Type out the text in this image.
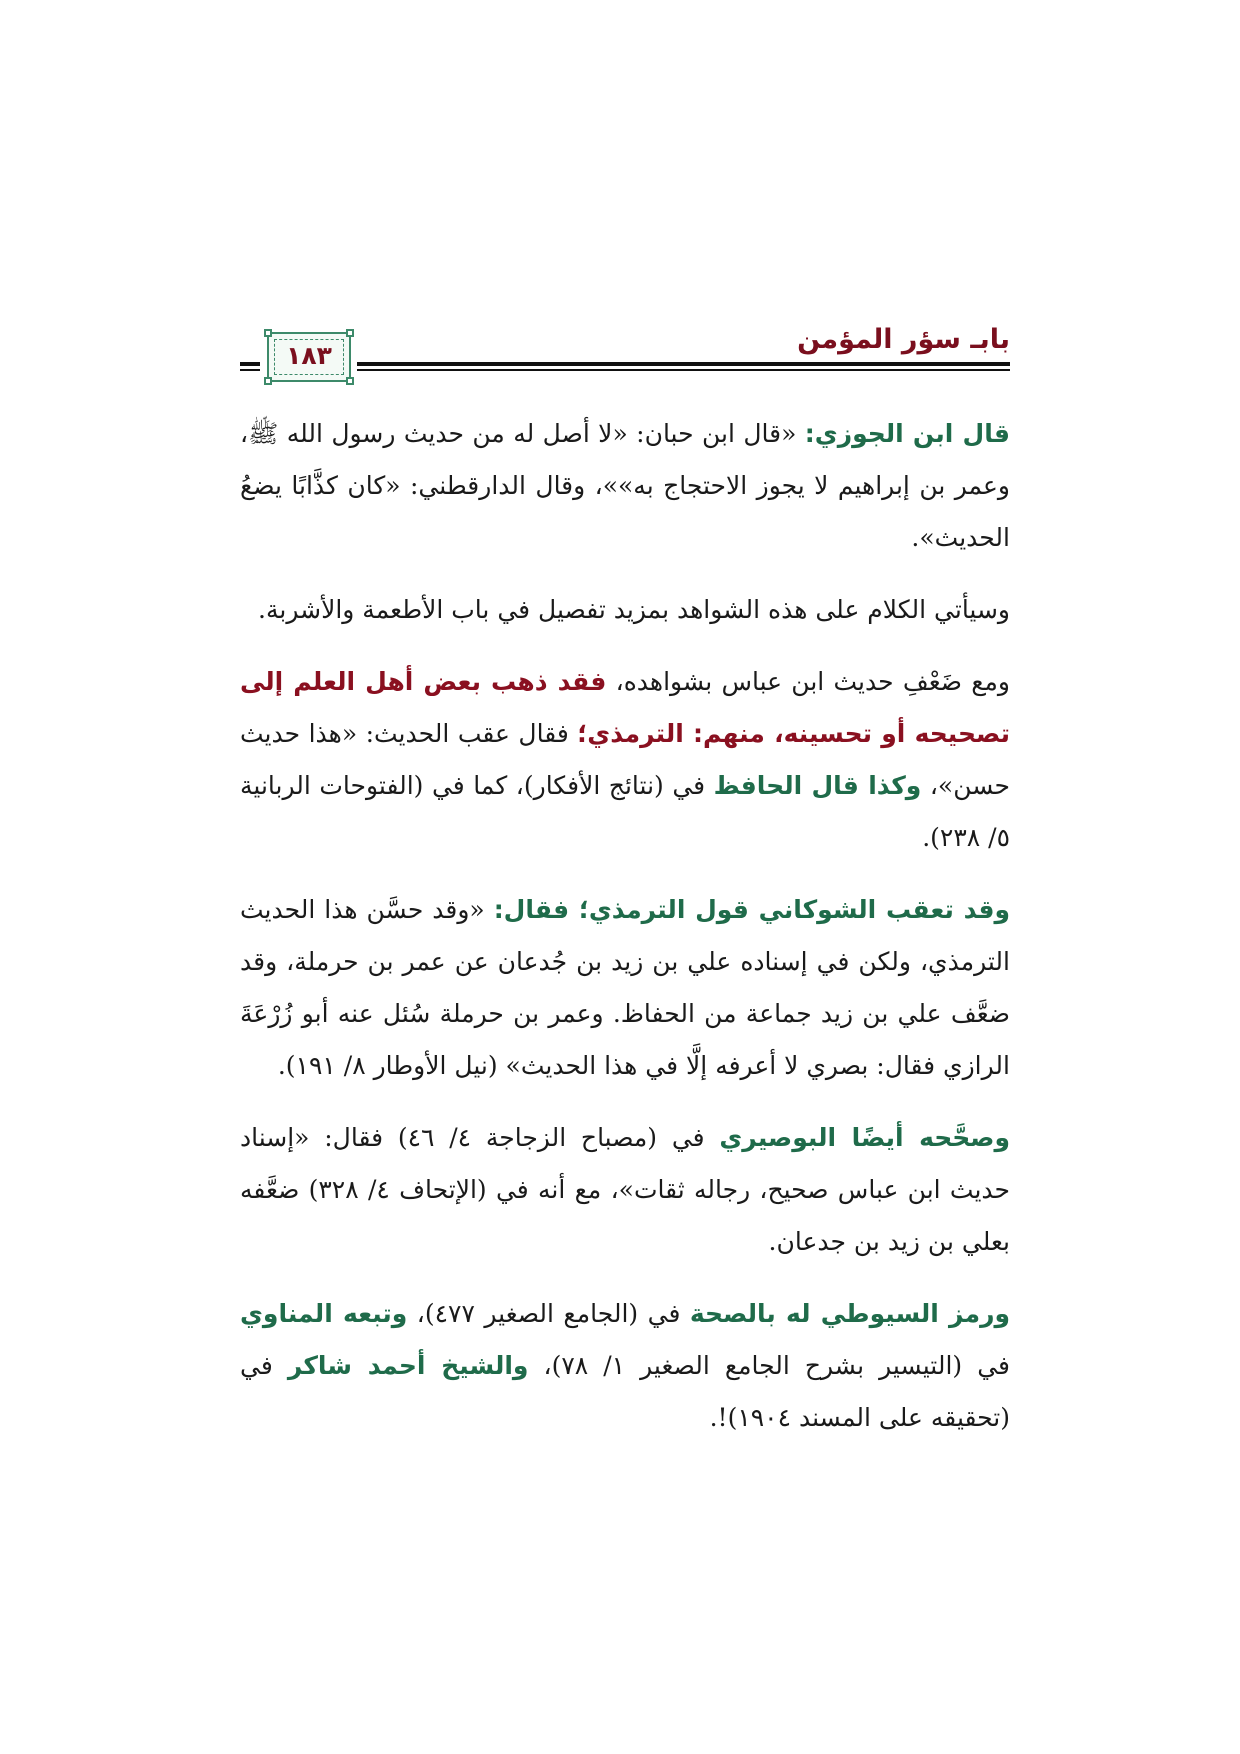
بابـ سؤر المؤمن
١٨٣

قال ابن الجوزي: «قال ابن حبان: «لا أصل له من حديث رسول الله ﷺ، وعمر بن إبراهيم لا يجوز الاحتجاج به»»، وقال الدارقطني: «كان كذَّابًا يضعُ الحديث».

وسيأتي الكلام على هذه الشواهد بمزيد تفصيل في باب الأطعمة والأشربة.

ومع ضَعْفِ حديث ابن عباس بشواهده، فقد ذهب بعض أهل العلم إلى تصحيحه أو تحسينه، منهم: الترمذي؛ فقال عقب الحديث: «هذا حديث حسن»، وكذا قال الحافظ في (نتائج الأفكار)، كما في (الفتوحات الربانية ٥/ ٢٣٨).

وقد تعقب الشوكاني قول الترمذي؛ فقال: «وقد حسَّن هذا الحديث الترمذي، ولكن في إسناده علي بن زيد بن جُدعان عن عمر بن حرملة، وقد ضعَّف علي بن زيد جماعة من الحفاظ. وعمر بن حرملة سُئل عنه أبو زُرْعَةَ الرازي فقال: بصري لا أعرفه إلَّا في هذا الحديث» (نيل الأوطار ٨/ ١٩١).

وصحَّحه أيضًا البوصيري في (مصباح الزجاجة ٤/ ٤٦) فقال: «إسناد حديث ابن عباس صحيح، رجاله ثقات»، مع أنه في (الإتحاف ٤/ ٣٢٨) ضعَّفه بعلي بن زيد بن جدعان.

ورمز السيوطي له بالصحة في (الجامع الصغير ٤٧٧)، وتبعه المناوي في (التيسير بشرح الجامع الصغير ١/ ٧٨)، والشيخ أحمد شاكر في (تحقيقه على المسند ١٩٠٤)!.
